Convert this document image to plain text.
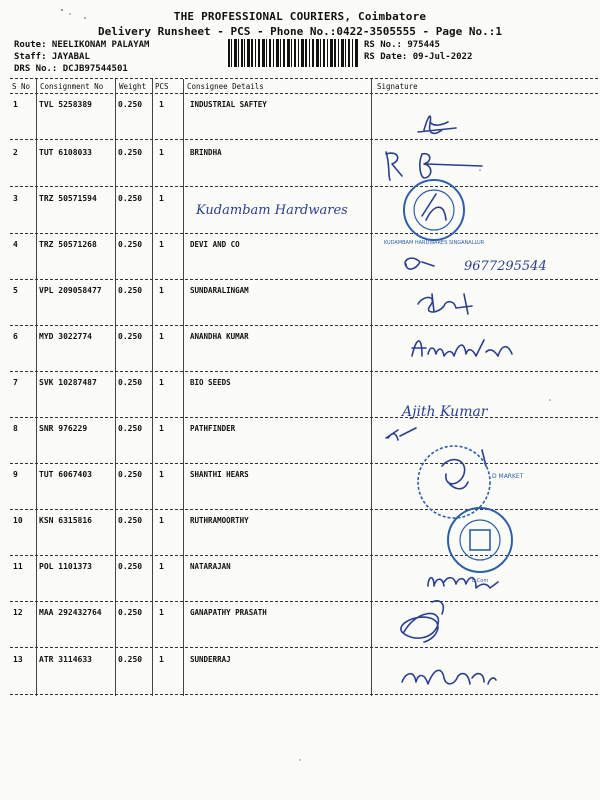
THE PROFESSIONAL COURIERS, Coimbatore
Delivery Runsheet - PCS - Phone No.:0422-3505555 - Page No.:1
Route: NEELIKONAM PALAYAM
Staff: JAYABAL
DRS No.: DCJB97544501
RS No.: 975445
RS Date: 09-Jul-2022
S No Consignment No Weight PCS Consignee Details	Signature
1	TVL 5258389	0.250 1	INDUSTRIAL SAFTEY
2	TUT 6108033	0.250 1	BRINDHA
3	TRZ 50571594	0.250 1
Kudambam Hardwares
4	TRZ 50571268	0.250 1	DEVI AND CO
5	VPL 209058477 0.250 1	SUNDARALINGAM
6	MYD 3022774	0.250 1	ANANDHA KUMAR
7	SVK 10287487	0.250 1	BIO SEEDS
8	SNR 976229	0.250 1	PATHFINDER
9	TUT 6067403	0.250 1	SHANTHI HEARS
10 KSN 6315816	0.250 1	RUTHRAMOORTHY
11 POL 1101373	0.250 1	NATARAJAN
12 MAA 292432764 0.250 1	GANAPATHY PRASATH
13 ATR 3114633	0.250 1	SUNDERRAJ
9677295544
Ajith Kumar
KUDAMBAM HARDWARES SINGANALLUR
D MARKET
B.Com
